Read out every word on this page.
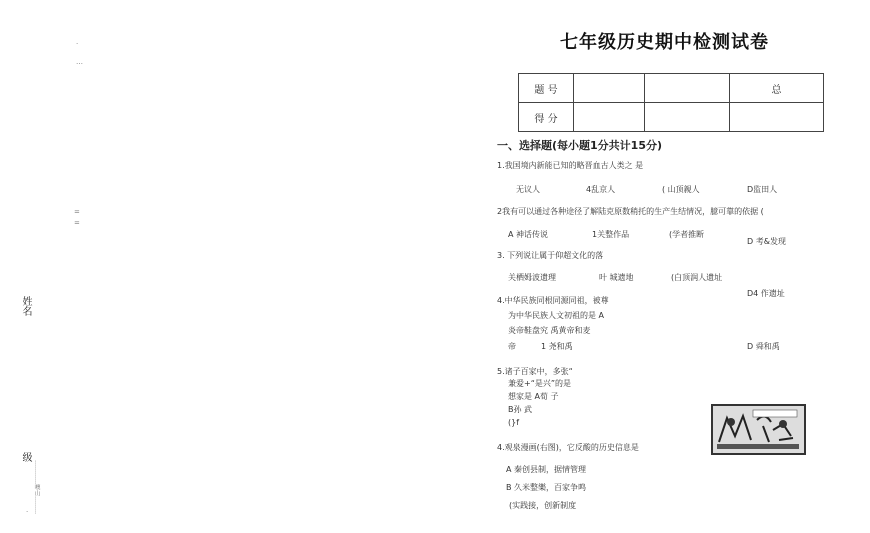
七年级历史期中检测试卷
题 号			总
得 分			
一、选择题(每小题1分共计15分)
1.我国境内新能已知的略晋血古人类之 是
无议人	4乱京人	( 山顶親人	D监田人
2我有可以通过各种途径了解陆克原数稍托的生产生结情况，臆可靠的依据 (
A 神话传说	1关整作品	(学者推断
D 考&发现
3. 下列说让属于仰超文化的落
关栖姆波遗理	叶 城遗地	(白顶润人遗址
D4 作遗址
4.中华民族同根同源同祖，被尊
为中华民族人文初祖的是 A
炎帝鞋盘究 禹黄帝和麦
帝	1 尧和禹	D 舜和禹
5.诸子百家中，多张“
兼爱+“是兴”的是
想家是 A荀 子
B孙 武
(}f
4.观泉漫画(右图)，它反酸的历史信息是
A 秦创县制，据情管理
B 久米整樂，百家争鸣
(实践接，创新制度
·
…
=
=
姓名
级
· …………噢山………
